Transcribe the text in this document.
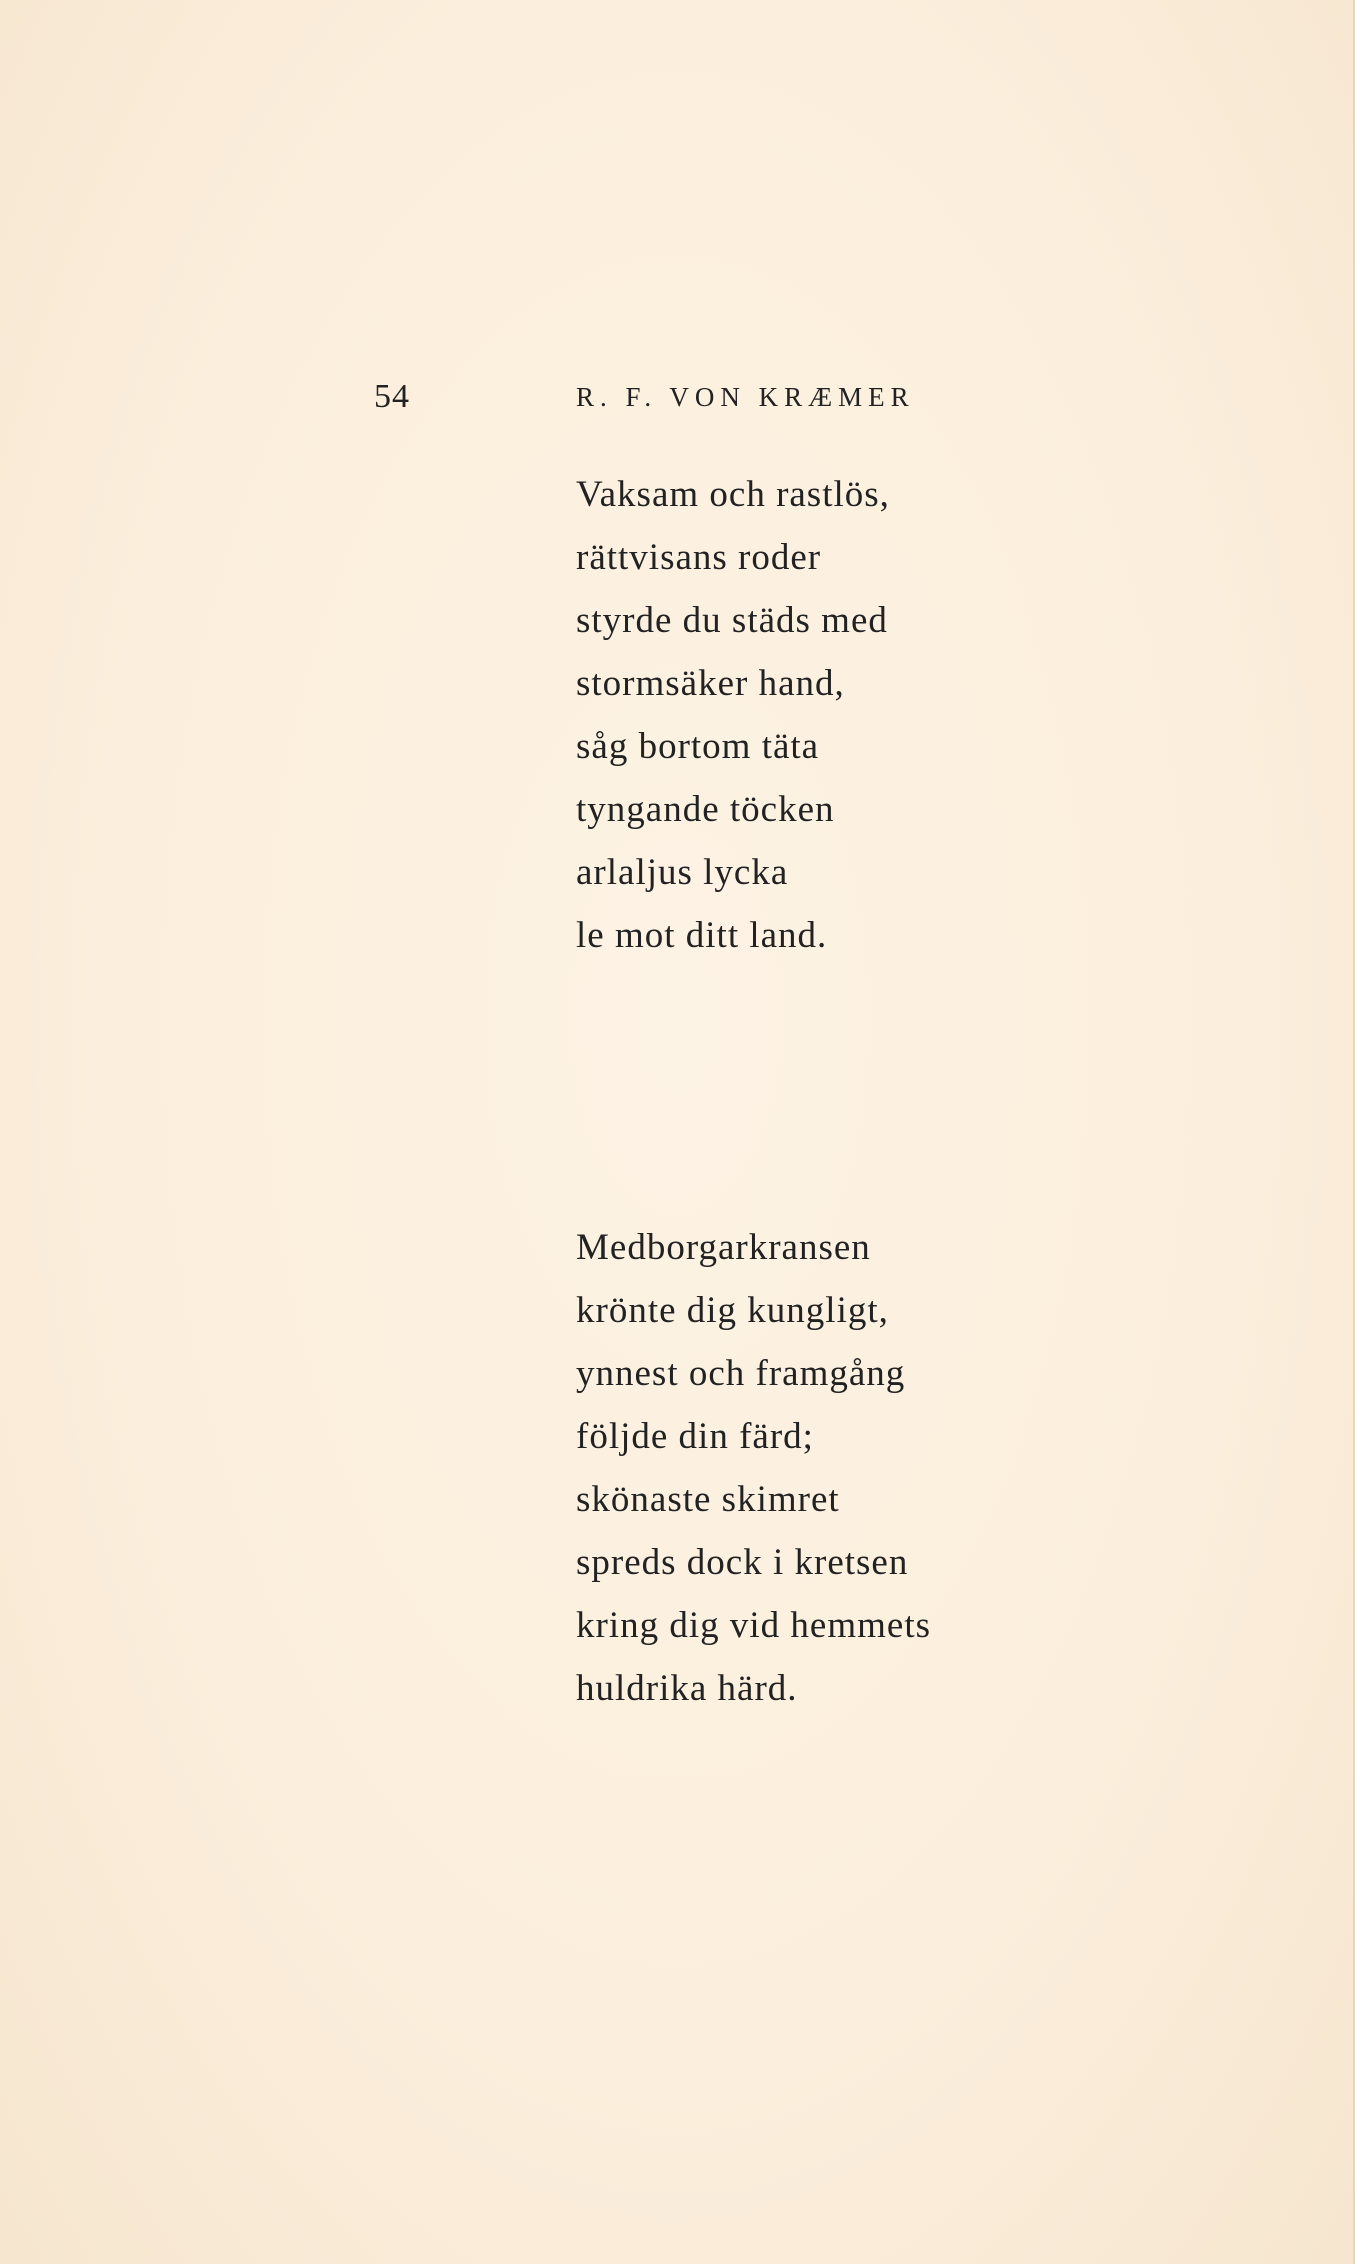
54	R. F. VON KRÆMER
Vaksam och rastlös,
rättvisans roder
styrde du städs med
stormsäker hand,
såg bortom täta
tyngande töcken
arlaljus lycka
le mot ditt land.
Medborgarkransen
krönte dig kungligt,
ynnest och framgång
följde din färd;
skönaste skimret
spreds dock i kretsen
kring dig vid hemmets
huldrika härd.
